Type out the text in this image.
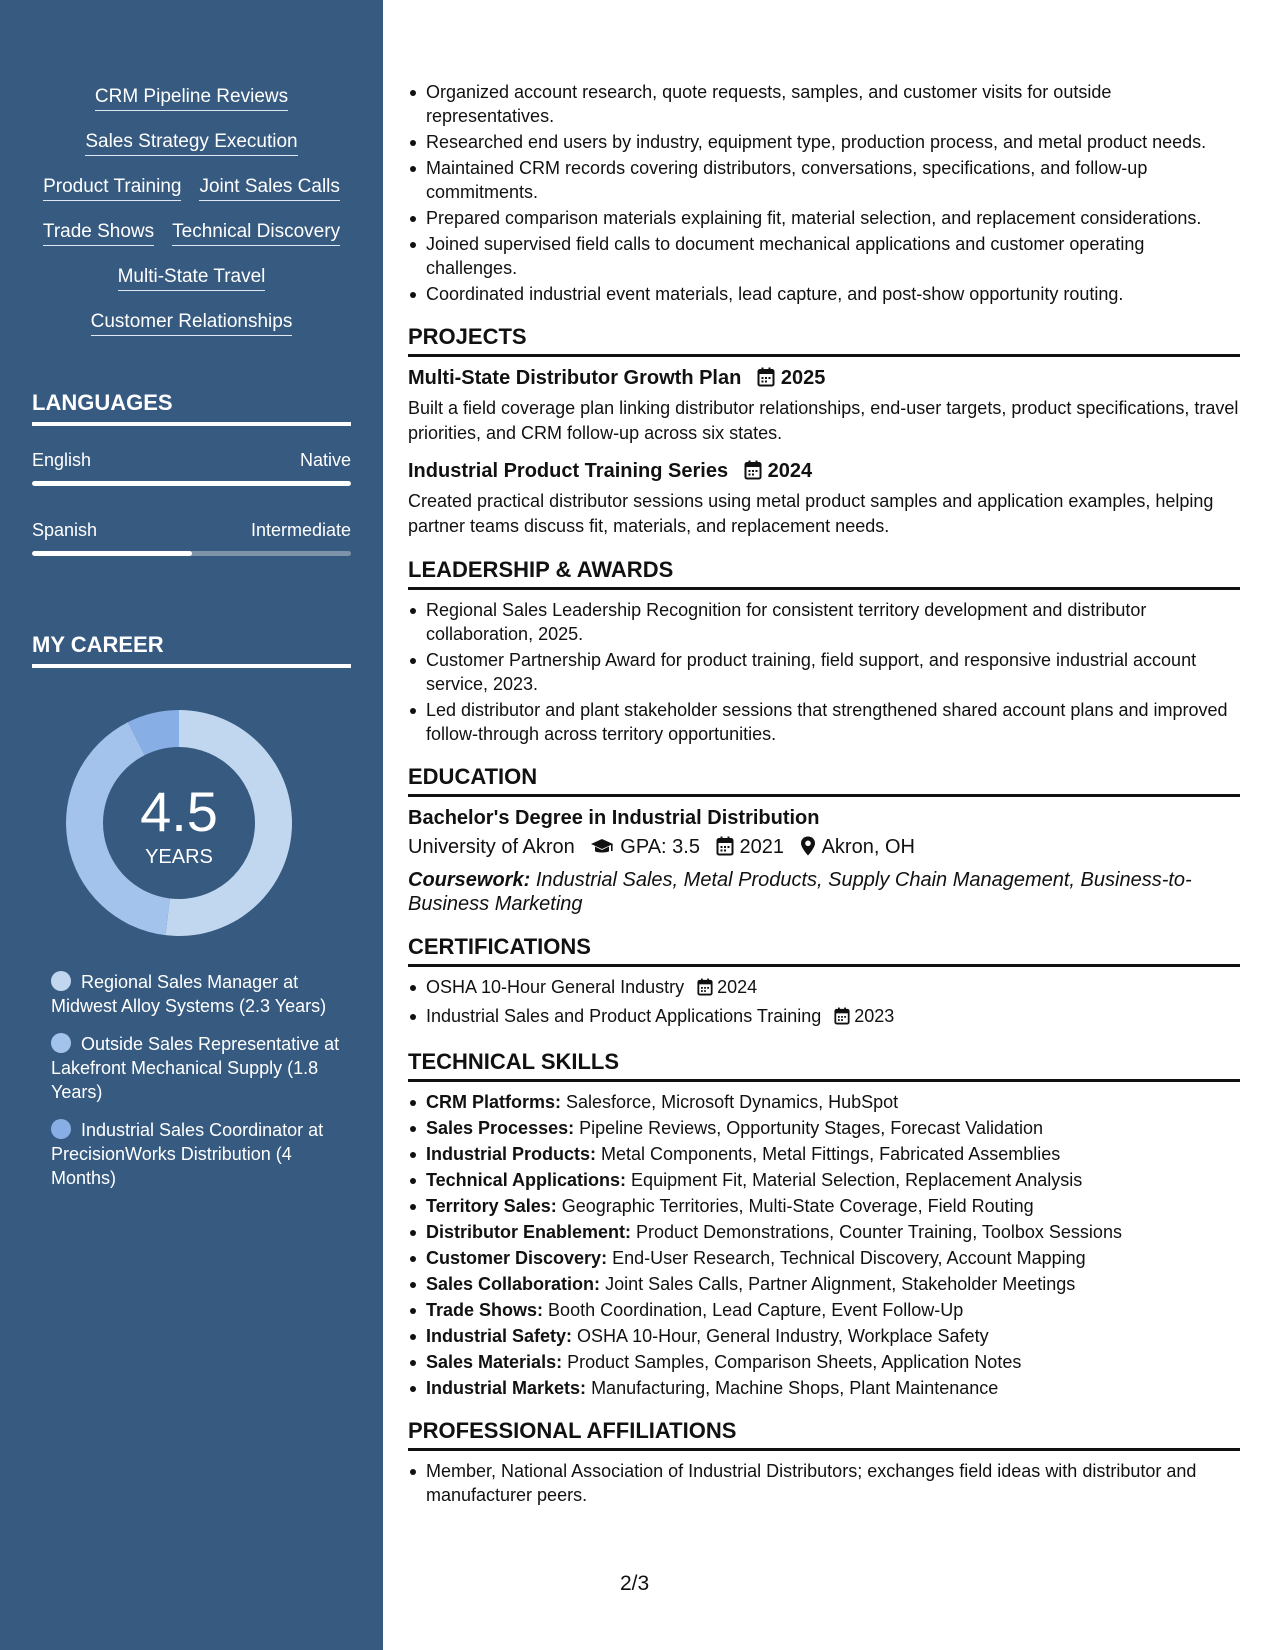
CRM Pipeline Reviews
Sales Strategy Execution
Product Training Joint Sales Calls
Trade Shows Technical Discovery
Multi-State Travel
Customer Relationships
LANGUAGES
English	Native
Spanish	Intermediate
MY CAREER
4.5
YEARS
Regional Sales Manager at Midwest Alloy Systems (2.3 Years)
Outside Sales Representative at Lakefront Mechanical Supply (1.8 Years)
Industrial Sales Coordinator at PrecisionWorks Distribution (4 Months)
Organized account research, quote requests, samples, and customer visits for outside representatives.
Researched end users by industry, equipment type, production process, and metal product needs.
Maintained CRM records covering distributors, conversations, specifications, and follow-up commitments.
Prepared comparison materials explaining fit, material selection, and replacement considerations.
Joined supervised field calls to document mechanical applications and customer operating challenges.
Coordinated industrial event materials, lead capture, and post-show opportunity routing.
PROJECTS
Multi-State Distributor Growth Plan 2025
Built a field coverage plan linking distributor relationships, end-user targets, product specifications, travel priorities, and CRM follow-up across six states.
Industrial Product Training Series 2024
Created practical distributor sessions using metal product samples and application examples, helping partner teams discuss fit, materials, and replacement needs.
LEADERSHIP & AWARDS
Regional Sales Leadership Recognition for consistent territory development and distributor collaboration, 2025.
Customer Partnership Award for product training, field support, and responsive industrial account service, 2023.
Led distributor and plant stakeholder sessions that strengthened shared account plans and improved follow-through across territory opportunities.
EDUCATION
Bachelor's Degree in Industrial Distribution
University of Akron GPA: 3.5 2021 Akron, OH
Coursework: Industrial Sales, Metal Products, Supply Chain Management, Business-to-Business Marketing
CERTIFICATIONS
OSHA 10-Hour General Industry 2024
Industrial Sales and Product Applications Training 2023
TECHNICAL SKILLS
CRM Platforms: Salesforce, Microsoft Dynamics, HubSpot
Sales Processes: Pipeline Reviews, Opportunity Stages, Forecast Validation
Industrial Products: Metal Components, Metal Fittings, Fabricated Assemblies
Technical Applications: Equipment Fit, Material Selection, Replacement Analysis
Territory Sales: Geographic Territories, Multi-State Coverage, Field Routing
Distributor Enablement: Product Demonstrations, Counter Training, Toolbox Sessions
Customer Discovery: End-User Research, Technical Discovery, Account Mapping
Sales Collaboration: Joint Sales Calls, Partner Alignment, Stakeholder Meetings
Trade Shows: Booth Coordination, Lead Capture, Event Follow-Up
Industrial Safety: OSHA 10-Hour, General Industry, Workplace Safety
Sales Materials: Product Samples, Comparison Sheets, Application Notes
Industrial Markets: Manufacturing, Machine Shops, Plant Maintenance
PROFESSIONAL AFFILIATIONS
Member, National Association of Industrial Distributors; exchanges field ideas with distributor and manufacturer peers.
2/3
